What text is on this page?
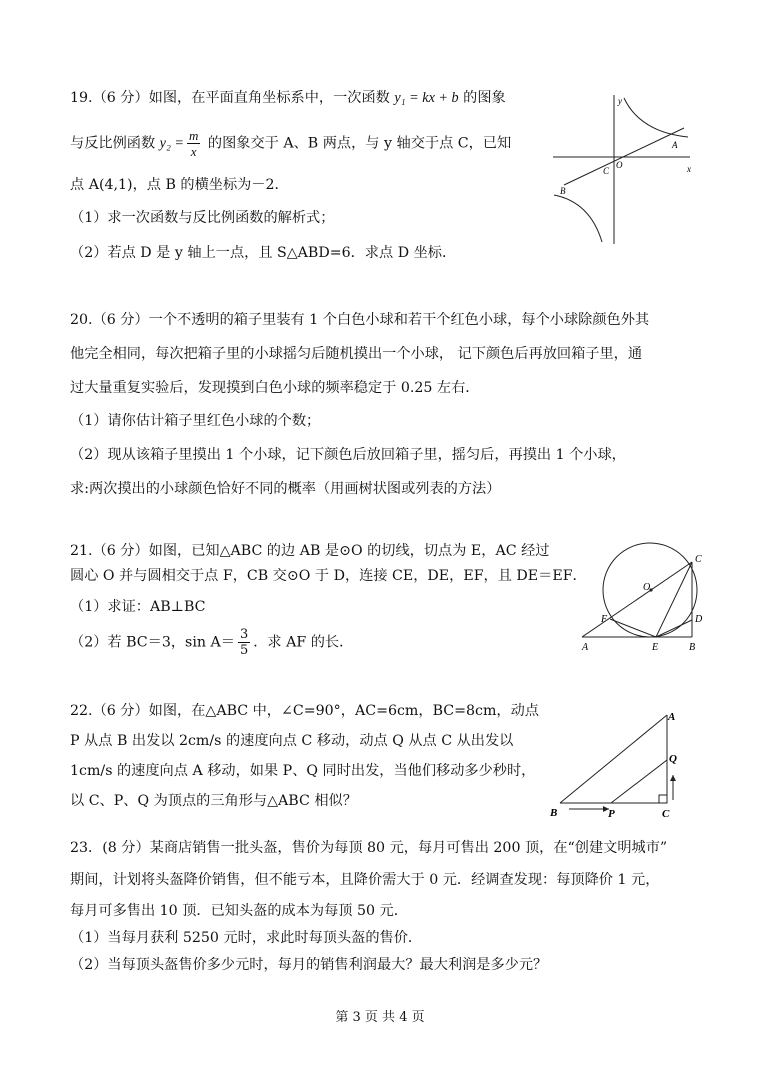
19.（6 分）如图，在平面直角坐标系中，一次函数 y₁ = kx + b 的图象
与反比例函数 $y_2 = \frac{m}{x}$ 的图象交于 A、B 两点，与 y 轴交于点 C，已知
点 A(4,1)，点 B 的横坐标为－2．
（1）求一次函数与反比例函数的解析式；
（2）若点 D 是 y 轴上一点，且 S△ABD=6．求点 D 坐标．
y
x
A
B
C
O
20.（6 分）一个不透明的箱子里装有 1 个白色小球和若干个红色小球，每个小球除颜色外其
他完全相同，每次把箱子里的小球摇匀后随机摸出一个小球， 记下颜色后再放回箱子里，通
过大量重复实验后，发现摸到白色小球的频率稳定于 0.25 左右．
（1）请你估计箱子里红色小球的个数；
（2）现从该箱子里摸出 1 个小球，记下颜色后放回箱子里，摇匀后，再摸出 1 个小球，
求:两次摸出的小球颜色恰好不同的概率（用画树状图或列表的方法）
21.（6 分）如图，已知△ABC 的边 AB 是⊙O 的切线，切点为 E，AC 经过
圆心 O 并与圆相交于点 F，CB 交⊙O 于 D，连接 CE，DE，EF，且 DE＝EF．
（1）求证：AB⊥BC
（2）若 BC＝3，$\sin A= \frac{3}{5}$ ．求 AF 的长．
C
O
F	D
A	E	B
22.（6 分）如图，在△ABC 中，∠C=90°，AC=6cm，BC=8cm，动点
P 从点 B 出发以 2cm/s 的速度向点 C 移动，动点 Q 从点 C 从出发以
1cm/s 的速度向点 A 移动，如果 P、Q 同时出发，当他们移动多少秒时，
以 C、P、Q 为顶点的三角形与△ABC 相似？
A
Q
B	P	C
23．(8 分）某商店销售一批头盔，售价为每顶 80 元，每月可售出 200 顶，在“创建文明城市”
期间，计划将头盔降价销售，但不能亏本，且降价需大于 0 元．经调查发现：每顶降价 1 元，
每月可多售出 10 顶．已知头盔的成本为每顶 50 元．
（1）当每月获利 5250 元时，求此时每顶头盔的售价．
（2）当每顶头盔售价多少元时，每月的销售利润最大？最大利润是多少元？
第 3 页 共 4 页
